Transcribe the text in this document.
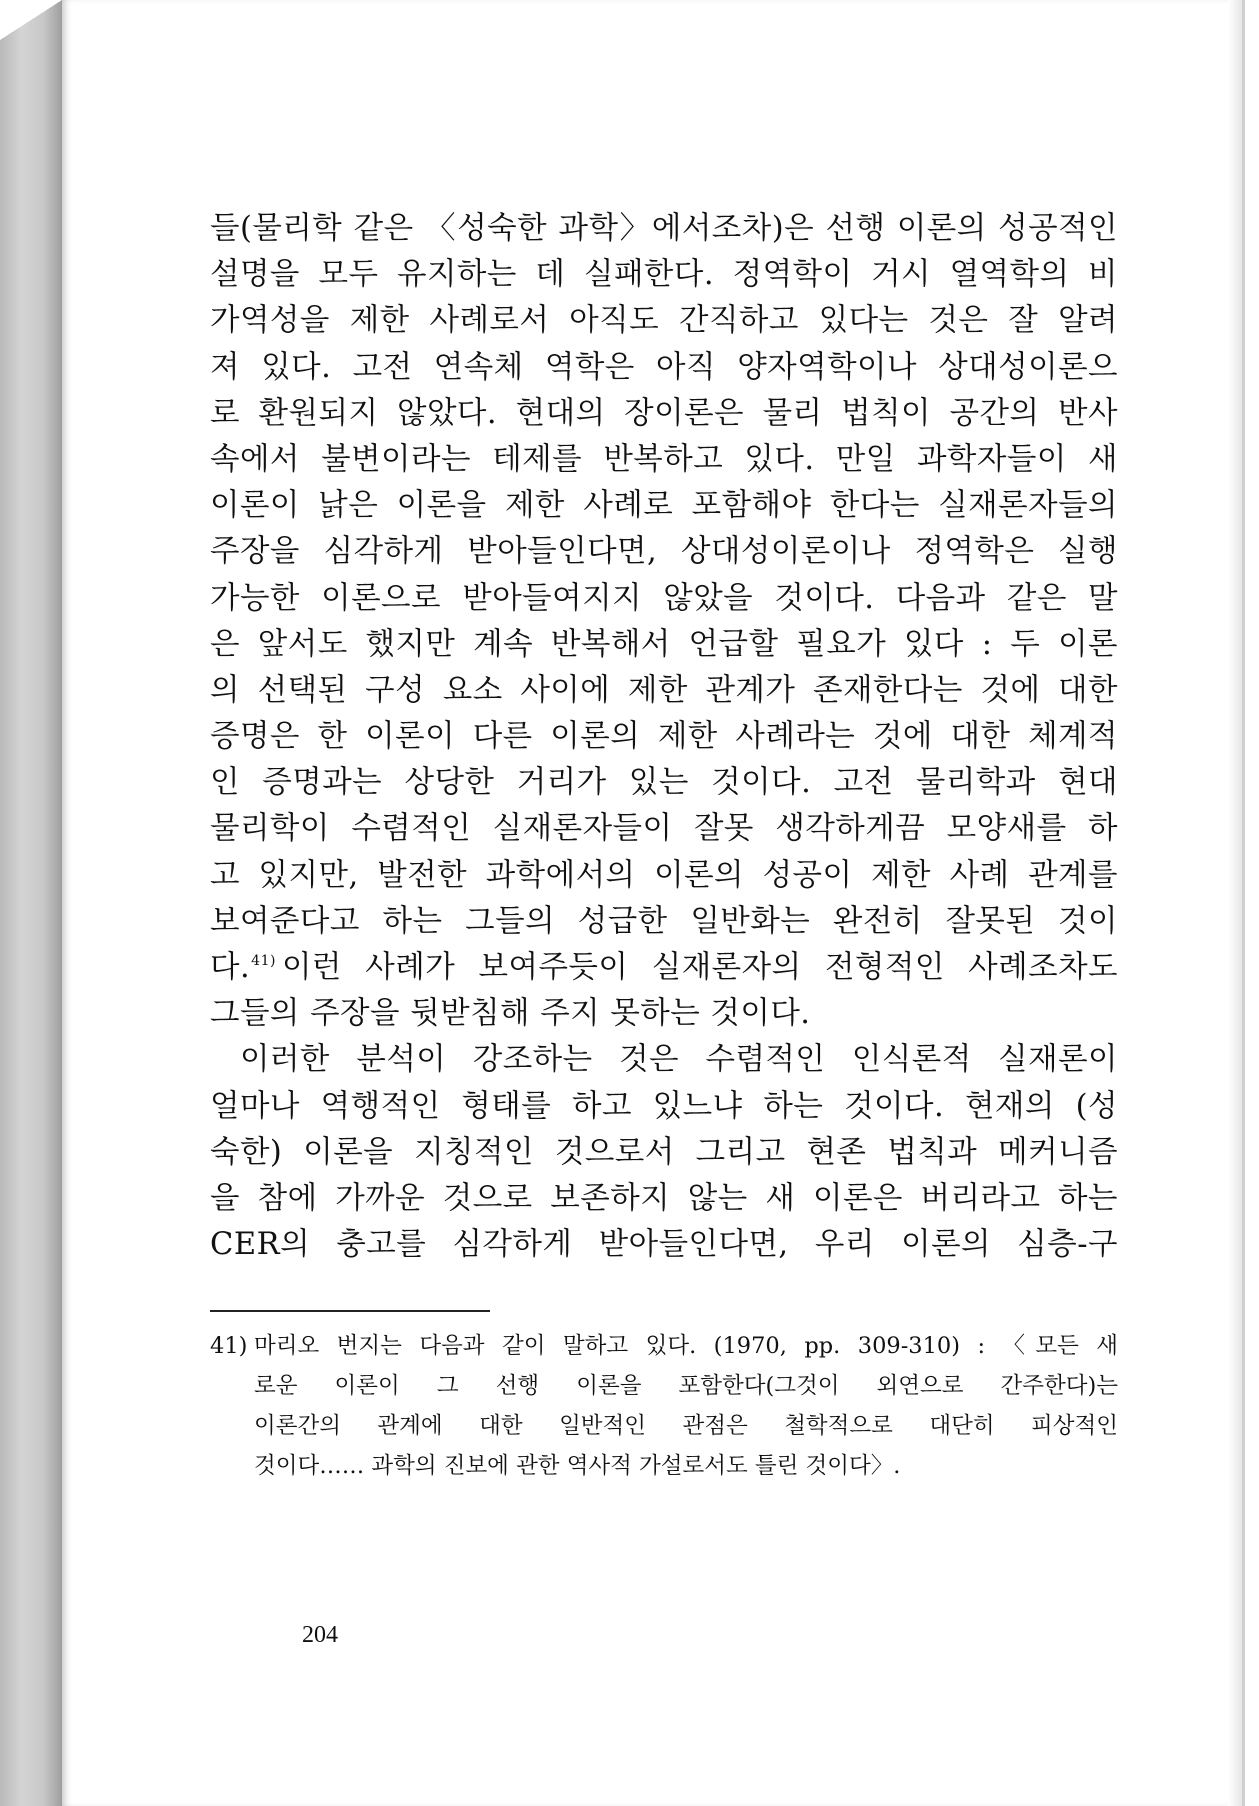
들(물리학 같은 〈성숙한 과학〉에서조차)은 선행 이론의 성공적인
설명을 모두 유지하는 데 실패한다. 정역학이 거시 열역학의 비
가역성을 제한 사례로서 아직도 간직하고 있다는 것은 잘 알려
져 있다. 고전 연속체 역학은 아직 양자역학이나 상대성이론으
로 환원되지 않았다. 현대의 장이론은 물리 법칙이 공간의 반사
속에서 불변이라는 테제를 반복하고 있다. 만일 과학자들이 새
이론이 낡은 이론을 제한 사례로 포함해야 한다는 실재론자들의
주장을 심각하게 받아들인다면, 상대성이론이나 정역학은 실행
가능한 이론으로 받아들여지지 않았을 것이다. 다음과 같은 말
은 앞서도 했지만 계속 반복해서 언급할 필요가 있다 : 두 이론
의 선택된 구성 요소 사이에 제한 관계가 존재한다는 것에 대한
증명은 한 이론이 다른 이론의 제한 사례라는 것에 대한 체계적
인 증명과는 상당한 거리가 있는 것이다. 고전 물리학과 현대
물리학이 수렴적인 실재론자들이 잘못 생각하게끔 모양새를 하
고 있지만, 발전한 과학에서의 이론의 성공이 제한 사례 관계를
보여준다고 하는 그들의 성급한 일반화는 완전히 잘못된 것이
다.$^{41)}$ 이런 사례가 보여주듯이 실재론자의 전형적인 사례조차도
그들의 주장을 뒷받침해 주지 못하는 것이다.
이러한 분석이 강조하는 것은 수렴적인 인식론적 실재론이
얼마나 역행적인 형태를 하고 있느냐 하는 것이다. 현재의 (성
숙한) 이론을 지칭적인 것으로서 그리고 현존 법칙과 메커니즘
을 참에 가까운 것으로 보존하지 않는 새 이론은 버리라고 하는
CER의 충고를 심각하게 받아들인다면, 우리 이론의 심층-구
41) 마리오 번지는 다음과 같이 말하고 있다. (1970, pp. 309-310) : 〈모든 새
로운 이론이 그 선행 이론을 포함한다(그것이 외연으로 간주한다)는
이론간의 관계에 대한 일반적인 관점은 철학적으로 대단히 피상적인
것이다…… 과학의 진보에 관한 역사적 가설로서도 틀린 것이다〉.
204
